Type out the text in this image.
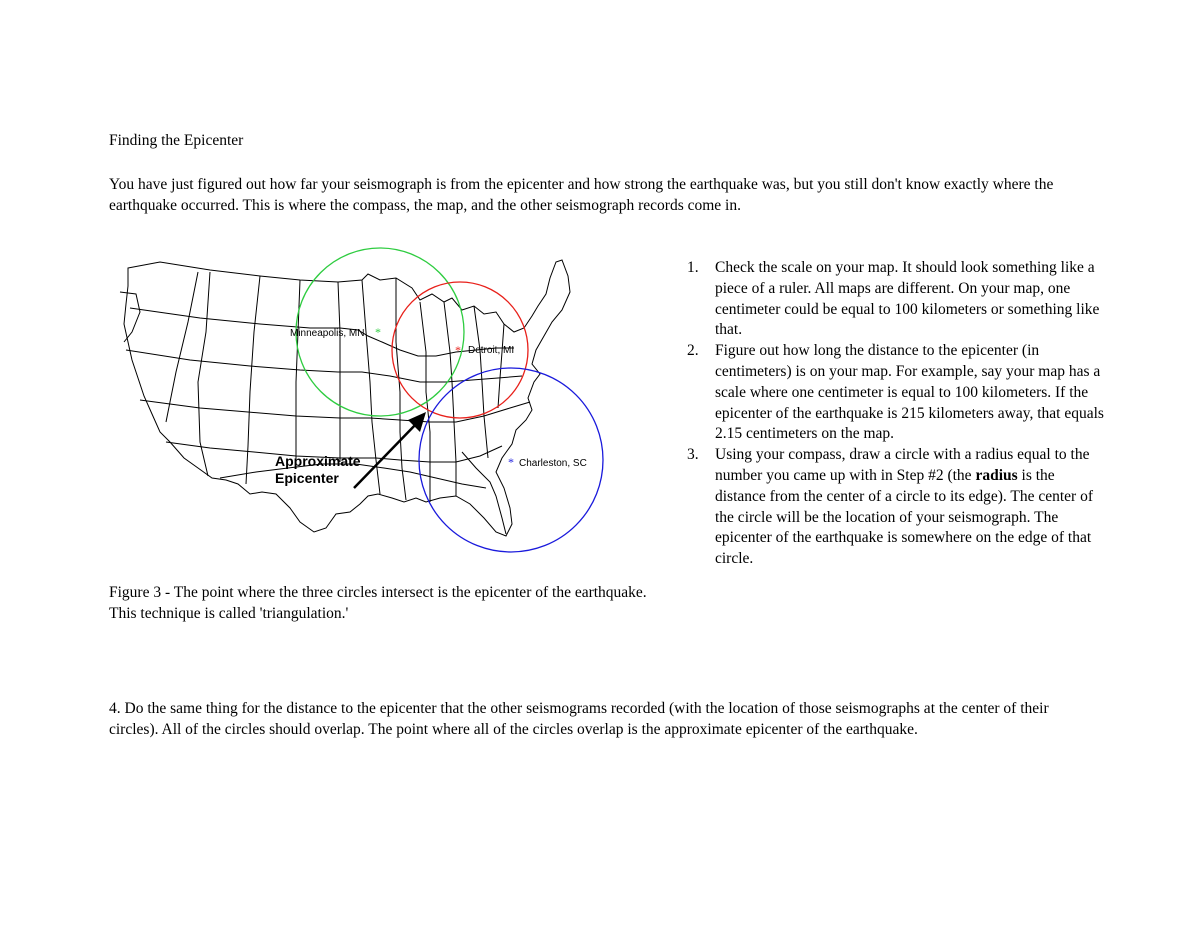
Finding the Epicenter
You have just figured out how far your seismograph is from the epicenter and how strong the earthquake was, but you still don't know exactly where the earthquake occurred. This is where the compass, the map, and the other seismograph records come in.
*
Minneapolis, MN
* Detroit, MI
* Charleston, SC
Approximate
Epicenter
Figure 3 - The point where the three circles intersect is the epicenter of the earthquake. This technique is called 'triangulation.'
1. Check the scale on your map. It should look something like a piece of a ruler. All maps are different. On your map, one centimeter could be equal to 100 kilometers or something like that.
2. Figure out how long the distance to the epicenter (in centimeters) is on your map. For example, say your map has a scale where one centimeter is equal to 100 kilometers. If the epicenter of the earthquake is 215 kilometers away, that equals 2.15 centimeters on the map.
3. Using your compass, draw a circle with a radius equal to the number you came up with in Step #2 (the radius is the distance from the center of a circle to its edge). The center of the circle will be the location of your seismograph. The epicenter of the earthquake is somewhere on the edge of that circle.
4. Do the same thing for the distance to the epicenter that the other seismograms recorded (with the location of those seismographs at the center of their circles). All of the circles should overlap. The point where all of the circles overlap is the approximate epicenter of the earthquake.
